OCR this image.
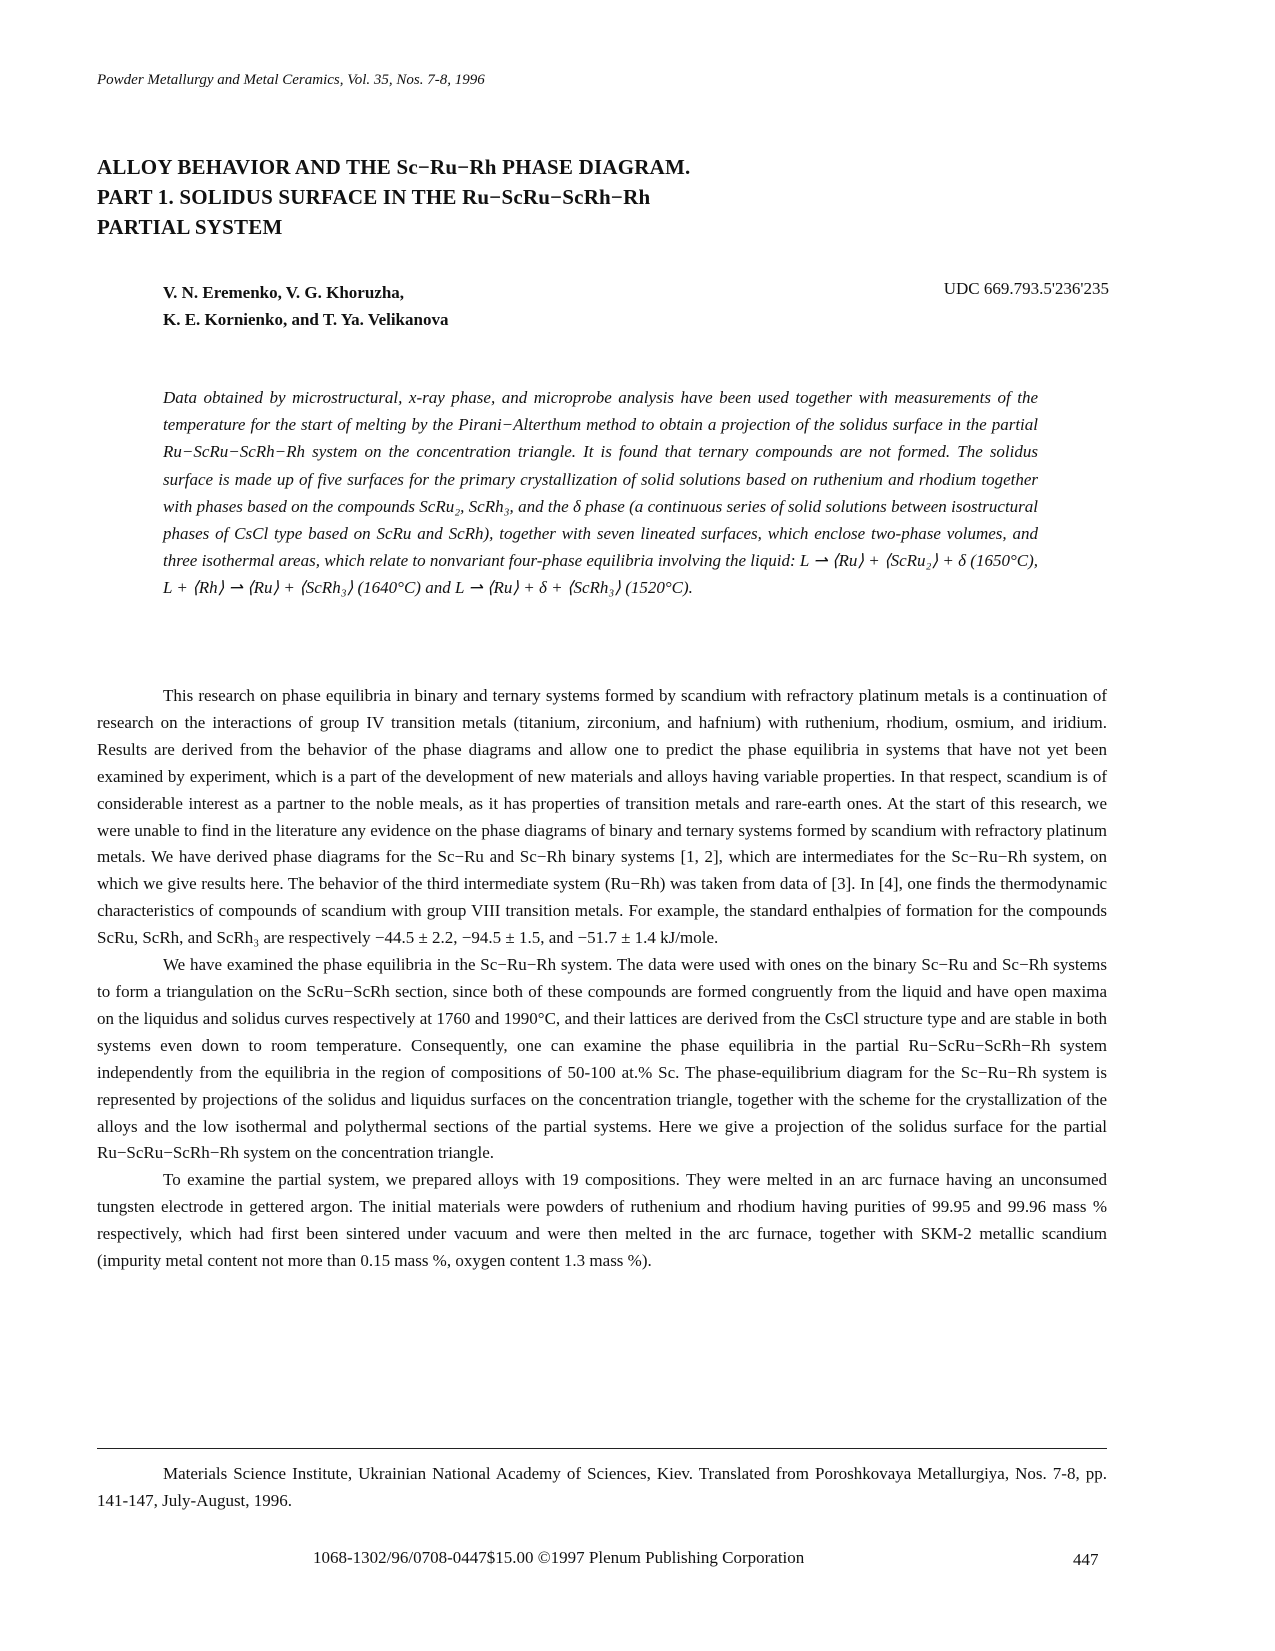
Powder Metallurgy and Metal Ceramics, Vol. 35, Nos. 7-8, 1996
ALLOY BEHAVIOR AND THE Sc−Ru−Rh PHASE DIAGRAM.
PART 1. SOLIDUS SURFACE IN THE Ru−ScRu−ScRh−Rh
PARTIAL SYSTEM
V. N. Eremenko, V. G. Khoruzha,
K. E. Kornienko, and T. Ya. Velikanova
UDC 669.793.5'236'235
Data obtained by microstructural, x-ray phase, and microprobe analysis have been used together with measurements of the temperature for the start of melting by the Pirani−Alterthum method to obtain a projection of the solidus surface in the partial Ru−ScRu−ScRh−Rh system on the concentration triangle. It is found that ternary compounds are not formed. The solidus surface is made up of five surfaces for the primary crystallization of solid solutions based on ruthenium and rhodium together with phases based on the compounds ScRu₂, ScRh₃, and the δ phase (a continuous series of solid solutions between isostructural phases of CsCl type based on ScRu and ScRh), together with seven lineated surfaces, which enclose two-phase volumes, and three isothermal areas, which relate to nonvariant four-phase equilibria involving the liquid: L ⇀ ⟨Ru⟩ + ⟨ScRu₂⟩ + δ (1650°C), L + ⟨Rh⟩ ⇀ ⟨Ru⟩ + ⟨ScRh₃⟩ (1640°C) and L ⇀ ⟨Ru⟩ + δ + ⟨ScRh₃⟩ (1520°C).

This research on phase equilibria in binary and ternary systems formed by scandium with refractory platinum metals is a continuation of research on the interactions of group IV transition metals (titanium, zirconium, and hafnium) with ruthenium, rhodium, osmium, and iridium. Results are derived from the behavior of the phase diagrams and allow one to predict the phase equilibria in systems that have not yet been examined by experiment, which is a part of the development of new materials and alloys having variable properties. In that respect, scandium is of considerable interest as a partner to the noble meals, as it has properties of transition metals and rare-earth ones. At the start of this research, we were unable to find in the literature any evidence on the phase diagrams of binary and ternary systems formed by scandium with refractory platinum metals. We have derived phase diagrams for the Sc−Ru and Sc−Rh binary systems [1, 2], which are intermediates for the Sc−Ru−Rh system, on which we give results here. The behavior of the third intermediate system (Ru−Rh) was taken from data of [3]. In [4], one finds the thermodynamic characteristics of compounds of scandium with group VIII transition metals. For example, the standard enthalpies of formation for the compounds ScRu, ScRh, and ScRh₃ are respectively −44.5 ± 2.2, −94.5 ± 1.5, and −51.7 ± 1.4 kJ/mole.

We have examined the phase equilibria in the Sc−Ru−Rh system. The data were used with ones on the binary Sc−Ru and Sc−Rh systems to form a triangulation on the ScRu−ScRh section, since both of these compounds are formed congruently from the liquid and have open maxima on the liquidus and solidus curves respectively at 1760 and 1990°C, and their lattices are derived from the CsCl structure type and are stable in both systems even down to room temperature. Consequently, one can examine the phase equilibria in the partial Ru−ScRu−ScRh−Rh system independently from the equilibria in the region of compositions of 50-100 at.% Sc. The phase-equilibrium diagram for the Sc−Ru−Rh system is represented by projections of the solidus and liquidus surfaces on the concentration triangle, together with the scheme for the crystallization of the alloys and the low isothermal and polythermal sections of the partial systems. Here we give a projection of the solidus surface for the partial Ru−ScRu−ScRh−Rh system on the concentration triangle.

To examine the partial system, we prepared alloys with 19 compositions. They were melted in an arc furnace having an unconsumed tungsten electrode in gettered argon. The initial materials were powders of ruthenium and rhodium having purities of 99.95 and 99.96 mass % respectively, which had first been sintered under vacuum and were then melted in the arc furnace, together with SKM-2 metallic scandium (impurity metal content not more than 0.15 mass %, oxygen content 1.3 mass %).

Materials Science Institute, Ukrainian National Academy of Sciences, Kiev. Translated from Poroshkovaya Metallurgiya, Nos. 7-8, pp. 141-147, July-August, 1996.

1068-1302/96/0708-0447$15.00 ©1997 Plenum Publishing Corporation	447
